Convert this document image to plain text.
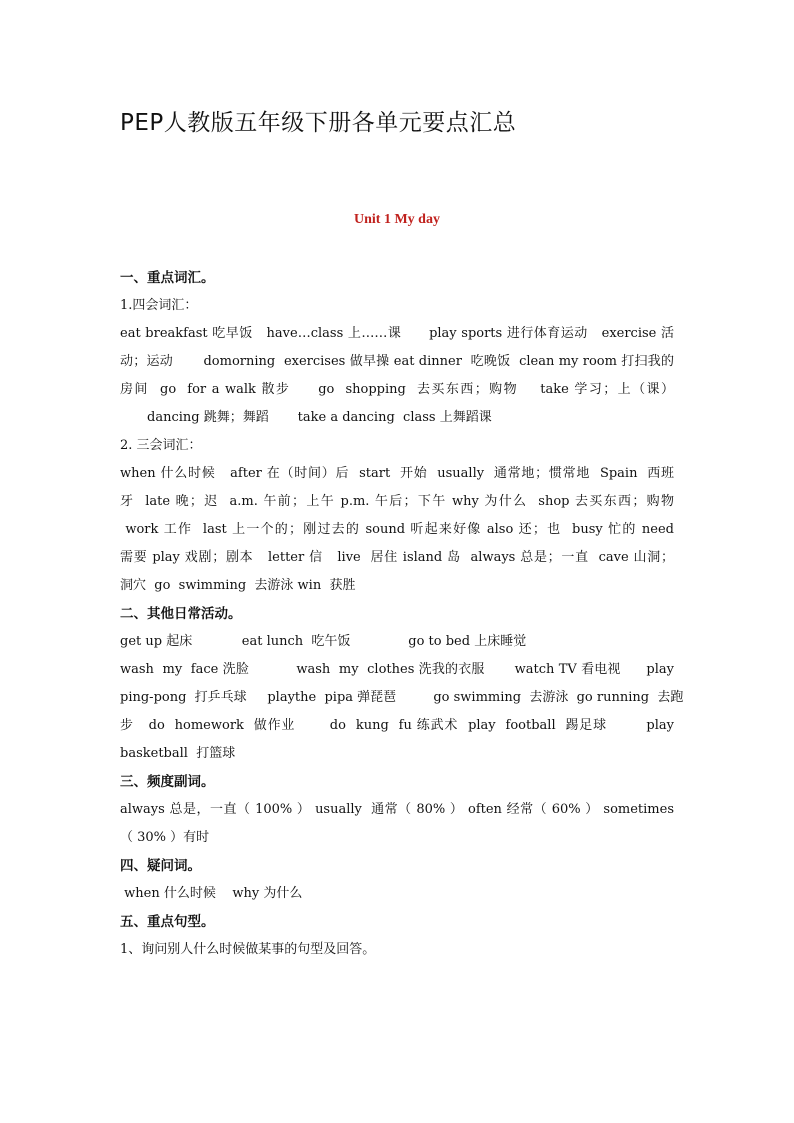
PEP人教版五年级下册各单元要点汇总
Unit 1 My day

一、重点词汇。

1.四会词汇：

eat breakfast 吃早饭   have…class 上……课      play sports 进行体育运动   exercise 活

动；运动       domorning  exercises 做早操 eat dinner  吃晚饭  clean my room 打扫我的

房间  go  for a walk 散步     go  shopping  去买东西；购物    take 学习；上（课）

dancing 跳舞；舞蹈       take a dancing  class 上舞蹈课

2. 三会词汇：

when 什么时候   after 在（时间）后  start  开始  usually  通常地；惯常地  Spain  西班

牙  late 晚；迟  a.m. 午前；上午 p.m. 午后；下午 why 为什么  shop 去买东西；购物

work 工作  last 上一个的；刚过去的 sound 听起来好像 also 还；也  busy 忙的 need

需要 play 戏剧；剧本   letter 信   live  居住 island 岛  always 总是；一直  cave 山洞；

洞穴  go  swimming  去游泳 win  获胜

二、其他日常活动。

get up 起床            eat lunch  吃午饭              go to bed 上床睡觉

wash  my  face 洗脸           wash  my  clothes 洗我的衣服       watch TV 看电视      play

ping-pong  打乒乓球     playthe  pipa 弹琵琶         go swimming  去游泳  go running  去跑

步   do  homework  做作业       do  kung  fu 练武术  play  football  踢足球        play

basketball  打篮球

三、频度副词。

always 总是，一直（ 100% ） usually  通常（ 80% ） often 经常（ 60% ） sometimes

（ 30% ）有时

四、疑问词。

when 什么时候    why 为什么

五、重点句型。

1、询问别人什么时候做某事的句型及回答。
